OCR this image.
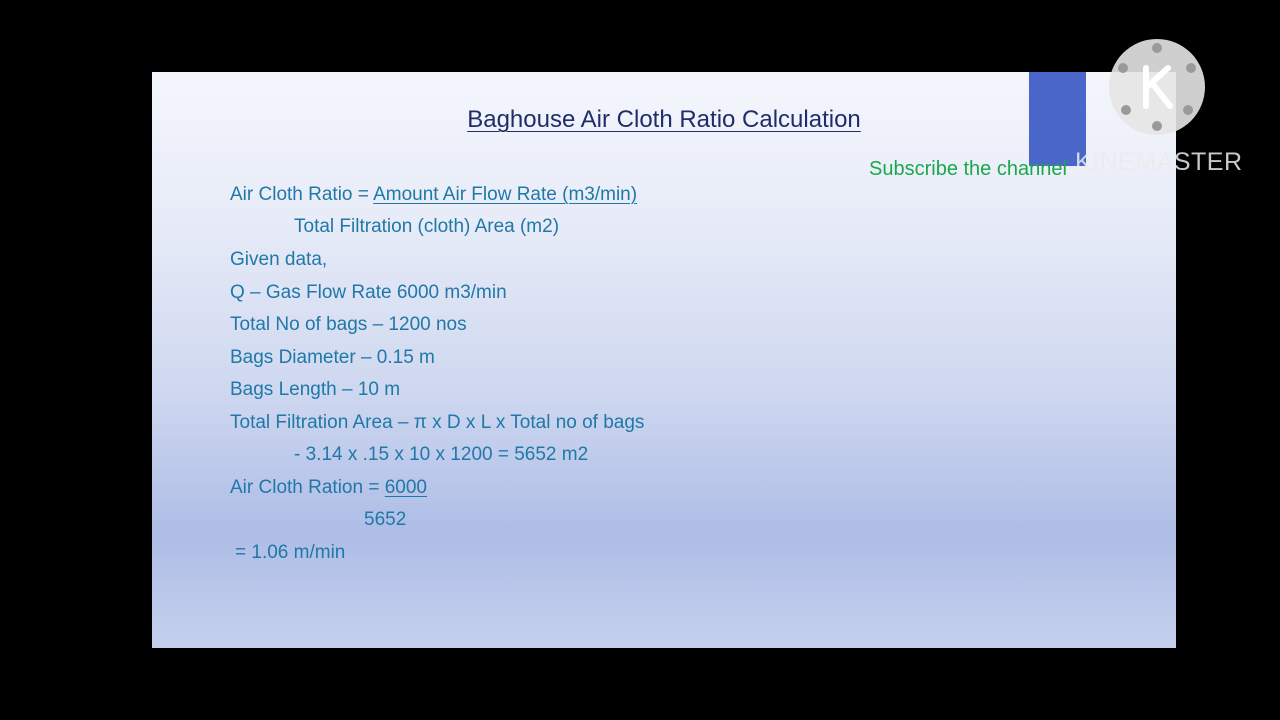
Baghouse Air Cloth Ratio Calculation
Air Cloth Ratio = Amount Air Flow Rate (m3/min)
Total Filtration (cloth) Area (m2)
Given data,
Q – Gas Flow Rate 6000 m3/min
Total No of bags – 1200 nos
Bags Diameter – 0.15 m
Bags Length – 10 m
Total Filtration Area – π x D x L x Total no of bags
- 3.14 x .15 x 10 x 1200 = 5652 m2
Air Cloth Ration = 6000
5652
= 1.06 m/min
Subscribe the channel KINEMASTER
